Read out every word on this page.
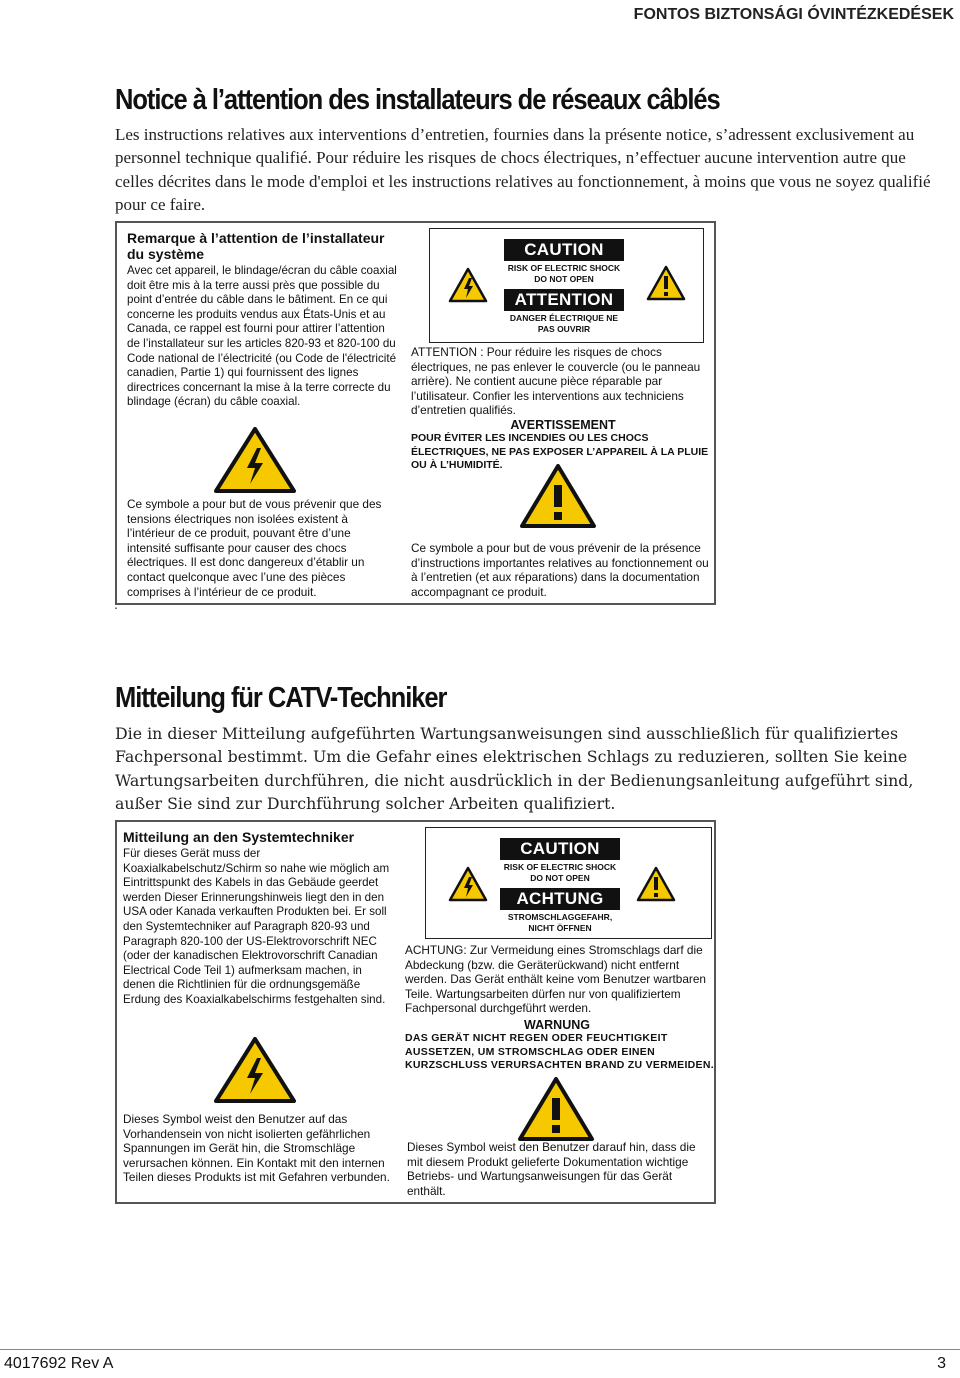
FONTOS BIZTONSÁGI ÓVINTÉZKEDÉSEK
Notice à l’attention des installateurs de réseaux câblés
Les instructions relatives aux interventions d’entretien, fournies dans la présente notice, s’adressent exclusivement au personnel technique qualifié. Pour réduire les risques de chocs électriques, n’effectuer aucune intervention autre que celles décrites dans le mode d'emploi et les instructions relatives au fonctionnement, à moins que vous ne soyez qualifié pour ce faire.
Remarque à l’attention de l’installateur du système
Avec cet appareil, le blindage/écran du câble coaxial doit être mis à la terre aussi près que possible du point d’entrée du câble dans le bâtiment. En ce qui concerne les produits vendus aux États-Unis et au Canada, ce rappel est fourni pour attirer l’attention de l’installateur sur les articles 820-93 et 820-100 du Code national de l’électricité (ou Code de l'électricité canadien, Partie 1) qui fournissent des lignes directrices concernant la mise à la terre correcte du blindage (écran) du câble coaxial.
Ce symbole a pour but de vous prévenir que des tensions électriques non isolées existent à l’intérieur de ce produit, pouvant être d’une intensité suffisante pour causer des chocs électriques. Il est donc dangereux d’établir un contact quelconque avec l’une des pièces comprises à l’intérieur de ce produit.
CAUTION
RISK OF ELECTRIC SHOCK DO NOT OPEN
ATTENTION
DANGER ÉLECTRIQUE NE PAS OUVRIR
ATTENTION : Pour réduire les risques de chocs électriques, ne pas enlever le couvercle (ou le panneau arrière). Ne contient aucune pièce réparable par l’utilisateur. Confier les interventions aux techniciens d’entretien qualifiés.
AVERTISSEMENT
POUR ÉVITER LES INCENDIES OU LES CHOCS ÉLECTRIQUES, NE PAS EXPOSER L’APPAREIL À LA PLUIE OU À L’HUMIDITÉ.
Ce symbole a pour but de vous prévenir de la présence d’instructions importantes relatives au fonctionnement ou à l’entretien (et aux réparations) dans la documentation accompagnant ce produit.
.
Mitteilung für CATV-Techniker
Die in dieser Mitteilung aufgeführten Wartungsanweisungen sind ausschließlich für qualifiziertes Fachpersonal bestimmt. Um die Gefahr eines elektrischen Schlags zu reduzieren, sollten Sie keine Wartungsarbeiten durchführen, die nicht ausdrücklich in der Bedienungsanleitung aufgeführt sind, außer Sie sind zur Durchführung solcher Arbeiten qualifiziert.
Mitteilung an den Systemtechniker
Für dieses Gerät muss der Koaxialkabelschutz/Schirm so nahe wie möglich am Eintrittspunkt des Kabels in das Gebäude geerdet werden Dieser Erinnerungshinweis liegt den in den USA oder Kanada verkauften Produkten bei. Er soll den Systemtechniker auf Paragraph 820-93 und Paragraph 820-100 der US-Elektrovorschrift NEC (oder der kanadischen Elektrovorschrift Canadian Electrical Code Teil 1) aufmerksam machen, in denen die Richtlinien für die ordnungsgemäße Erdung des Koaxialkabelschirms festgehalten sind.
Dieses Symbol weist den Benutzer auf das Vorhandensein von nicht isolierten gefährlichen Spannungen im Gerät hin, die Stromschläge verursachen können. Ein Kontakt mit den internen Teilen dieses Produkts ist mit Gefahren verbunden.
CAUTION
RISK OF ELECTRIC SHOCK DO NOT OPEN
ACHTUNG
STROMSCHLAGGEFAHR, NICHT ÖFFNEN
ACHTUNG: Zur Vermeidung eines Stromschlags darf die Abdeckung (bzw. die Geräterückwand) nicht entfernt werden. Das Gerät enthält keine vom Benutzer wartbaren Teile. Wartungsarbeiten dürfen nur von qualifiziertem Fachpersonal durchgeführt werden.
WARNUNG
DAS GERÄT NICHT REGEN ODER FEUCHTIGKEIT AUSSETZEN, UM STROMSCHLAG ODER EINEN KURZSCHLUSS VERURSACHTEN BRAND ZU VERMEIDEN.
Dieses Symbol weist den Benutzer darauf hin, dass die mit diesem Produkt gelieferte Dokumentation wichtige Betriebs- und Wartungsanweisungen für das Gerät enthält.
4017692 Rev A	3
